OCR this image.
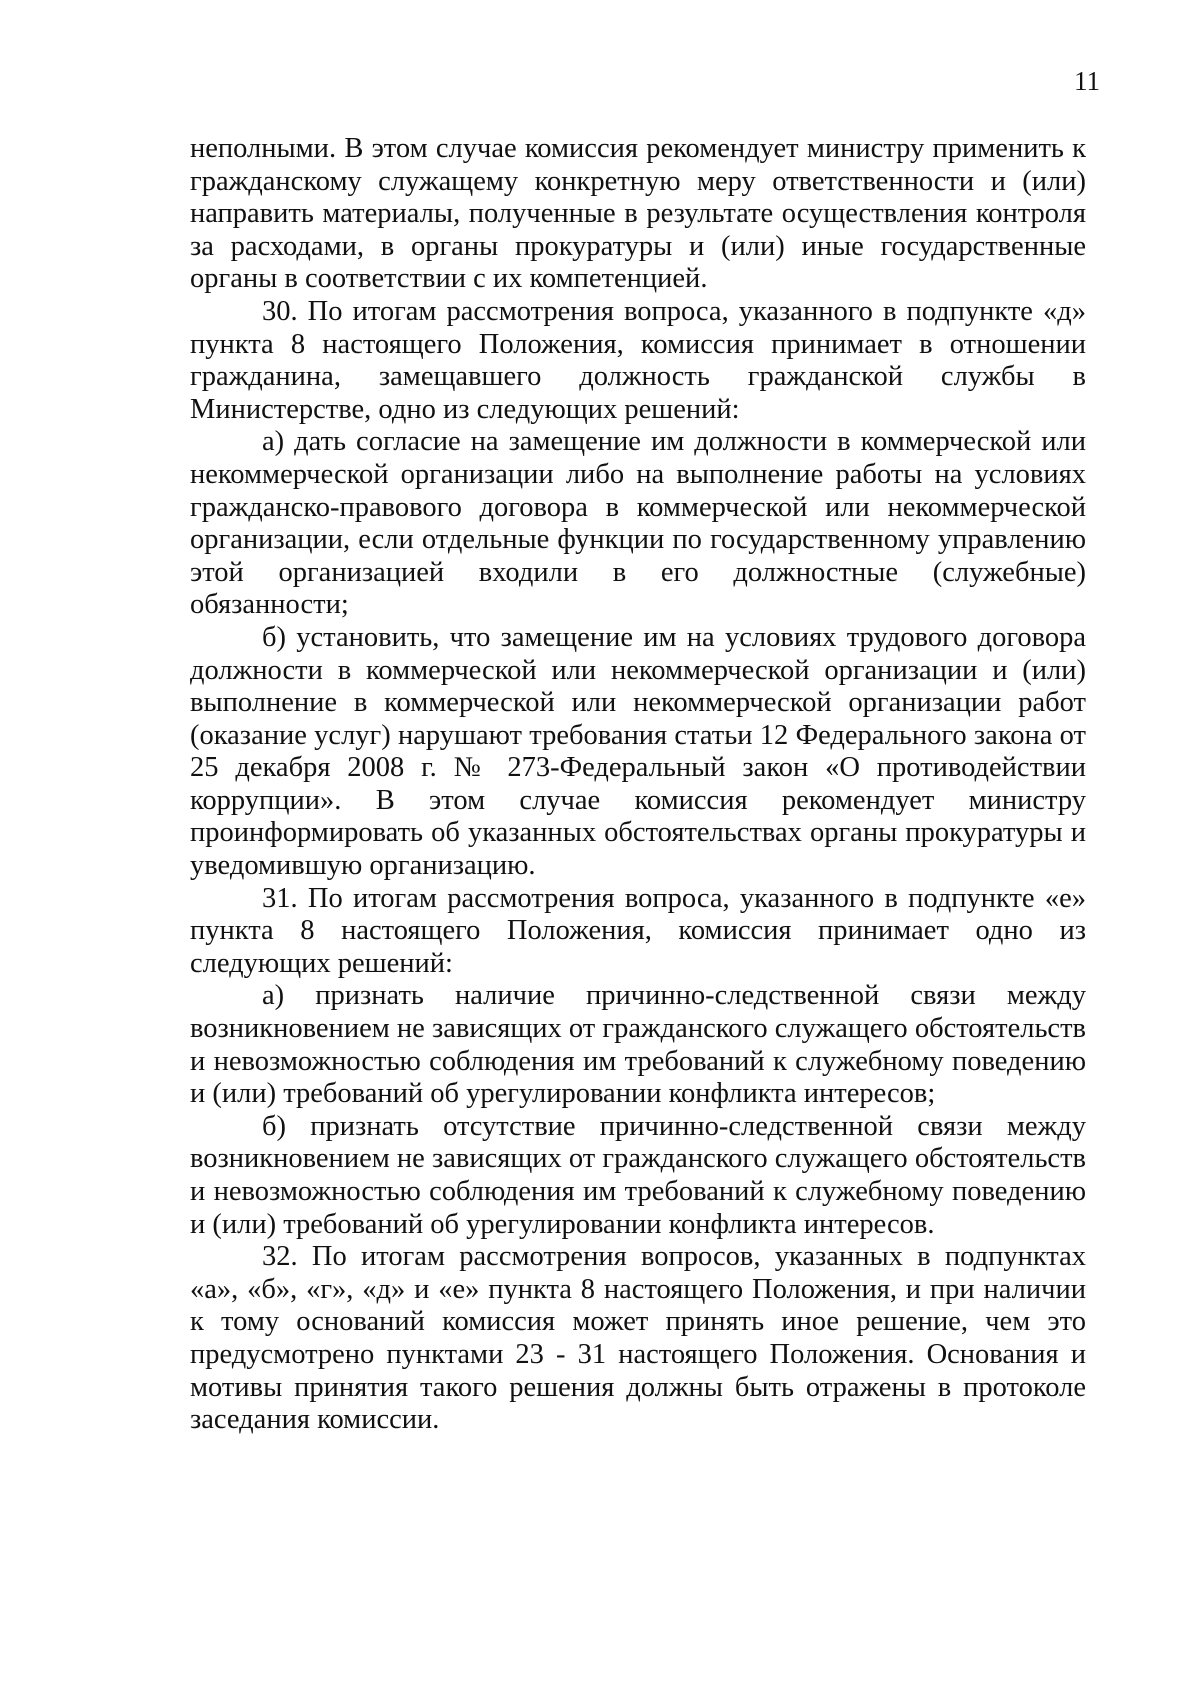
11

неполными. В этом случае комиссия рекомендует министру применить к гражданскому служащему конкретную меру ответственности и (или) направить материалы, полученные в результате осуществления контроля за расходами, в органы прокуратуры и (или) иные государственные органы в соответствии с их компетенцией.

30. По итогам рассмотрения вопроса, указанного в подпункте «д» пункта 8 настоящего Положения, комиссия принимает в отношении гражданина, замещавшего должность гражданской службы в Министерстве, одно из следующих решений:

а) дать согласие на замещение им должности в коммерческой или некоммерческой организации либо на выполнение работы на условиях гражданско-правового договора в коммерческой или некоммерческой организации, если отдельные функции по государственному управлению этой организацией входили в его должностные (служебные) обязанности;

б) установить, что замещение им на условиях трудового договора должности в коммерческой или некоммерческой организации и (или) выполнение в коммерческой или некоммерческой организации работ (оказание услуг) нарушают требования статьи 12 Федерального закона от 25 декабря 2008 г. № 273-Федеральный закон «О противодействии коррупции». В этом случае комиссия рекомендует министру проинформировать об указанных обстоятельствах органы прокуратуры и уведомившую организацию.

31. По итогам рассмотрения вопроса, указанного в подпункте «е» пункта 8 настоящего Положения, комиссия принимает одно из следующих решений:

а) признать наличие причинно-следственной связи между возникновением не зависящих от гражданского служащего обстоятельств и невозможностью соблюдения им требований к служебному поведению и (или) требований об урегулировании конфликта интересов;

б) признать отсутствие причинно-следственной связи между возникновением не зависящих от гражданского служащего обстоятельств и невозможностью соблюдения им требований к служебному поведению и (или) требований об урегулировании конфликта интересов.

32. По итогам рассмотрения вопросов, указанных в подпунктах «а», «б», «г», «д» и «е» пункта 8 настоящего Положения, и при наличии к тому оснований комиссия может принять иное решение, чем это предусмотрено пунктами 23 - 31 настоящего Положения. Основания и мотивы принятия такого решения должны быть отражены в протоколе заседания комиссии.
